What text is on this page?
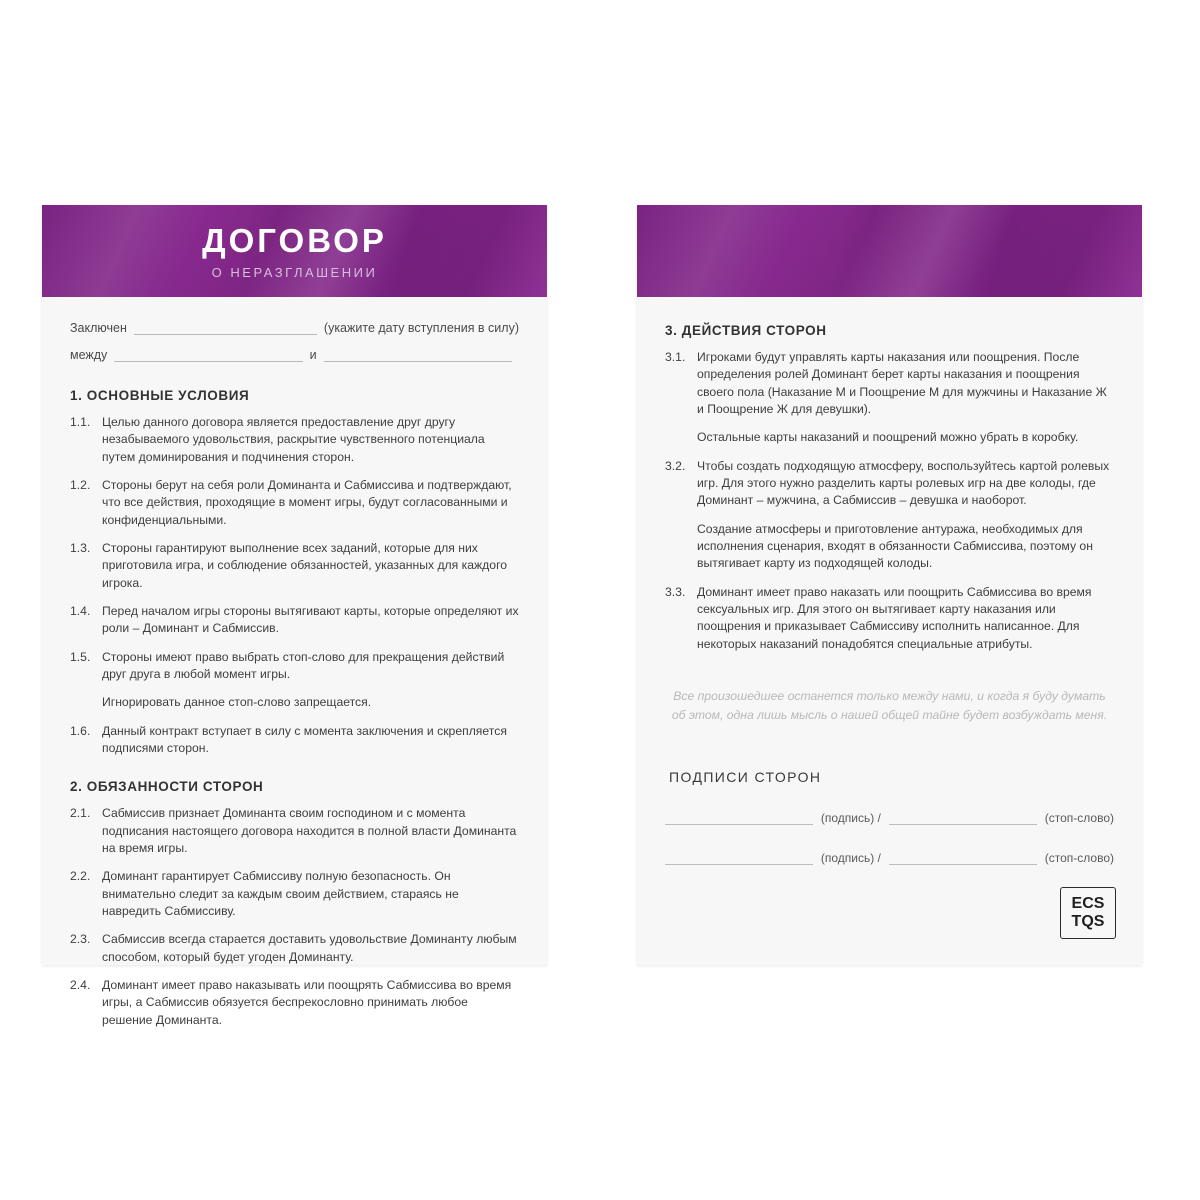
ДОГОВОР
О НЕРАЗГЛАШЕНИИ
Заключен	(укажите дату вступления в силу)
между	и
1. ОСНОВНЫЕ УСЛОВИЯ
1.1. Целью данного договора является предоставление друг другу незабываемого удовольствия, раскрытие чувственного потенциала путем доминирования и подчинения сторон.
1.2. Стороны берут на себя роли Доминанта и Сабмиссива и подтверждают, что все действия, проходящие в момент игры, будут согласованными и конфиденциальными.
1.3. Стороны гарантируют выполнение всех заданий, которые для них приготовила игра, и соблюдение обязанностей, указанных для каждого игрока.
1.4. Перед началом игры стороны вытягивают карты, которые определяют их роли – Доминант и Сабмиссив.
1.5. Стороны имеют право выбрать стоп-слово для прекращения действий друг друга в любой момент игры.
Игнорировать данное стоп-слово запрещается.
1.6. Данный контракт вступает в силу с момента заключения и скрепляется подписями сторон.
2. ОБЯЗАННОСТИ СТОРОН
2.1. Сабмиссив признает Доминанта своим господином и с момента подписания настоящего договора находится в полной власти Доминанта на время игры.
2.2. Доминант гарантирует Сабмиссиву полную безопасность. Он внимательно следит за каждым своим действием, стараясь не навредить Сабмиссиву.
2.3. Сабмиссив всегда старается доставить удовольствие Доминанту любым способом, который будет угоден Доминанту.
2.4. Доминант имеет право наказывать или поощрять Сабмиссива во время игры, а Сабмиссив обязуется беспрекословно принимать любое решение Доминанта.
3. ДЕЙСТВИЯ СТОРОН
3.1. Игроками будут управлять карты наказания или поощрения. После определения ролей Доминант берет карты наказания и поощрения своего пола (Наказание М и Поощрение М для мужчины и Наказание Ж и Поощрение Ж для девушки).
Остальные карты наказаний и поощрений можно убрать в коробку.
3.2. Чтобы создать подходящую атмосферу, воспользуйтесь картой ролевых игр. Для этого нужно разделить карты ролевых игр на две колоды, где Доминант – мужчина, а Сабмиссив – девушка и наоборот.
Создание атмосферы и приготовление антуража, необходимых для исполнения сценария, входят в обязанности Сабмиссива, поэтому он вытягивает карту из подходящей колоды.
3.3. Доминант имеет право наказать или поощрить Сабмиссива во время сексуальных игр. Для этого он вытягивает карту наказания или поощрения и приказывает Сабмиссиву исполнить написанное. Для некоторых наказаний понадобятся специальные атрибуты.
Все произошедшее останется только между нами, и когда я буду думать об этом, одна лишь мысль о нашей общей тайне будет возбуждать меня.
ПОДПИСИ СТОРОН
(подпись) /	(стоп-слово)
(подпись) /	(стоп-слово)
ЕCS
ТQS
